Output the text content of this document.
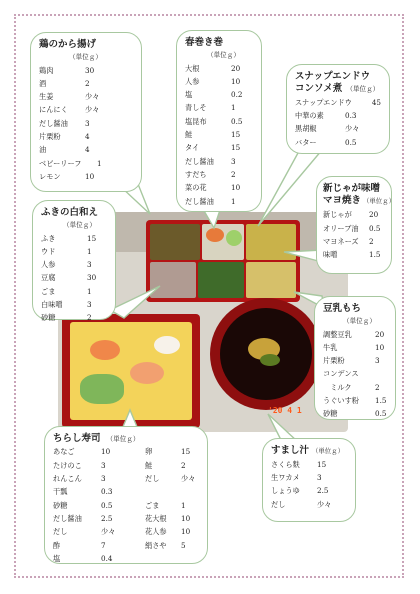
'20 4 1
鶏のから揚げ
（単位ｇ）
鶏肉	30
酒	2
生姜	少々
にんにく	少々
だし醤油	3
片栗粉	4
油	4
ベビーリーフ	1
レモン	10
春巻き巻
（単位ｇ）
大根	20
人参	10
塩	0.2
青しそ	1
塩昆布	0.5
鮭	15
タイ	15
だし醤油	3
すだち	2
菜の花	10
だし醤油	1
スナップエンドウ
コンソメ煮 （単位ｇ）
スナップエンドウ	45
中華の素	0.3
黒胡椒	少々
バター	0.5
新じゃが味噌
マヨ焼き （単位ｇ）
新じゃが	20
オリーブ油	0.5
マヨネーズ	2
味噌	1.5
ふきの白和え
（単位ｇ）
ふき	15
ウド	1
人参	3
豆腐	30
ごま	1
白味噌	3
砂糖	2
豆乳もち
（単位ｇ）
調整豆乳	20
牛乳	10
片栗粉	3
コンデンス
　ミルク	2
うぐいす粉	1.5
砂糖	0.5
ちらし寿司 （単位ｇ）
あなご	10	卵	15
たけのこ	3	鮭	2
れんこん	3	だし	少々
干瓢	0.3
砂糖	0.5	ごま	1
だし醤油	2.5	花大根	10
だし	少々	花人参	10
酢	7	絹さや	5
塩	0.4
すまし汁 （単位ｇ）
さくら麩	15
生ワカメ	3
しょうゆ	2.5
だし	少々
